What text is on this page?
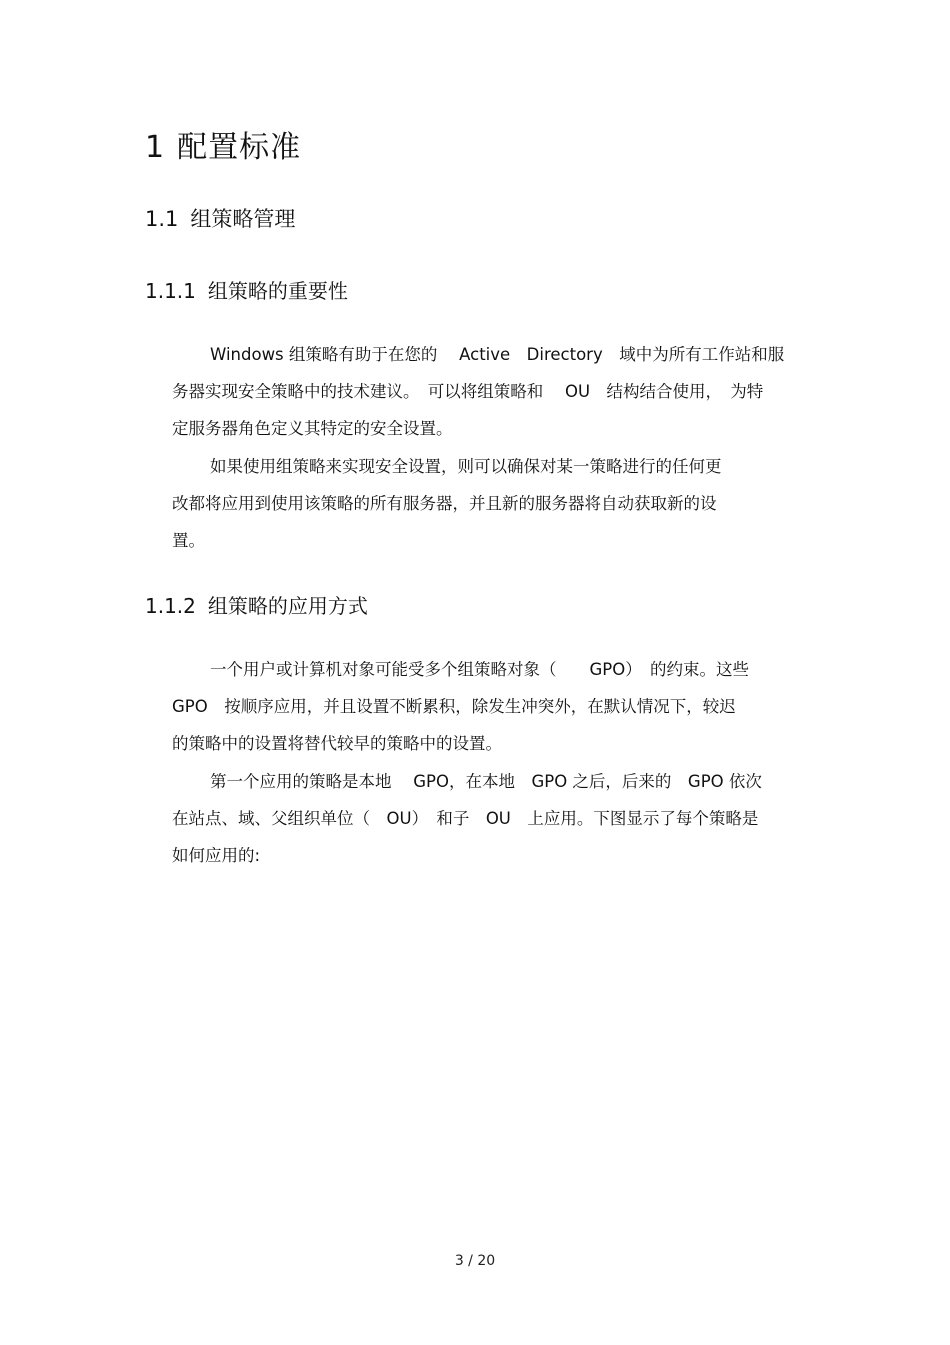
1 配置标准
1.1 组策略管理
1.1.1 组策略的重要性
Windows 组策略有助于在您的　 Active　Directory　域中为所有工作站和服
务器实现安全策略中的技术建议。　可以将组策略和　 OU　结构结合使用，　为特
定服务器角色定义其特定的安全设置。
如果使用组策略来实现安全设置，则可以确保对某一策略进行的任何更
改都将应用到使用该策略的所有服务器，并且新的服务器将自动获取新的设
置。
1.1.2 组策略的应用方式
一个用户或计算机对象可能受多个组策略对象（　　GPO）　的约束。这些
GPO　按顺序应用，并且设置不断累积，除发生冲突外，在默认情况下，较迟
的策略中的设置将替代较早的策略中的设置。
第一个应用的策略是本地　 GPO，在本地　GPO 之后，后来的　GPO 依次
在站点、域、父组织单位（　OU）　和子　OU　上应用。下图显示了每个策略是
如何应用的:
3 / 20
